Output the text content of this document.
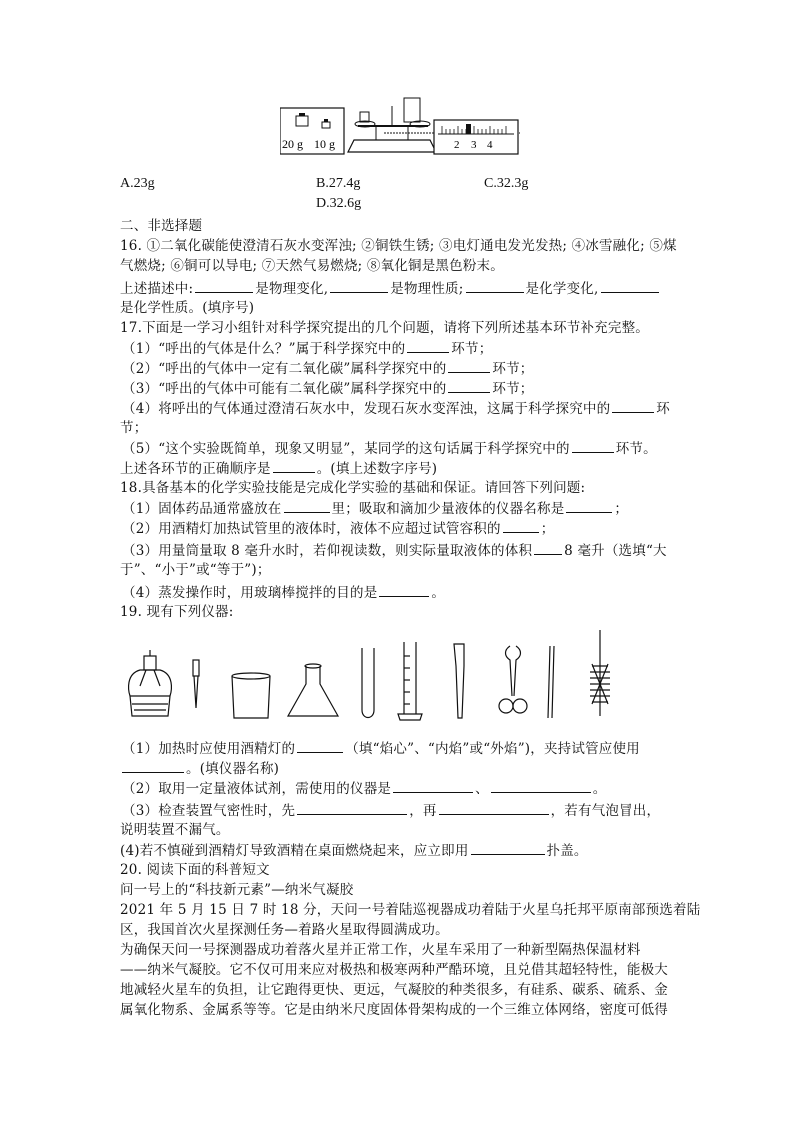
20 g 10 g	2 3 4
A.23g	B.27.4g	C.32.3g
D.32.6g
二、非选择题
16. ①二氧化碳能使澄清石灰水变浑浊; ②铜铁生锈; ③电灯通电发光发热; ④冰雪融化; ⑤煤
气燃烧; ⑥铜可以导电; ⑦天然气易燃烧; ⑧氧化铜是黑色粉末。
上述描述中:	是物理变化,	是物理性质;	是化学变化,
是化学性质。(填序号)
17.下面是一学习小组针对科学探究提出的几个问题，请将下列所述基本环节补充完整。
（1）“呼出的气体是什么？”属于科学探究中的	环节；
（2）“呼出的气体中一定有二氧化碳”属科学探究中的	环节；
（3）“呼出的气体中可能有二氧化碳”属科学探究中的	环节；
（4）将呼出的气体通过澄清石灰水中，发现石灰水变浑浊，这属于科学探究中的	环
节；
（5）“这个实验既简单，现象又明显”，某同学的这句话属于科学探究中的	环节。
上述各环节的正确顺序是	。(填上述数字序号)
18.具备基本的化学实验技能是完成化学实验的基础和保证。请回答下列问题:
（1）固体药品通常盛放在	里；吸取和滴加少量液体的仪器名称是	；
（2）用酒精灯加热试管里的液体时，液体不应超过试管容积的	；
（3）用量筒量取 8 毫升水时，若仰视读数，则实际量取液体的体积 8 毫升（选填“大
于”、“小于”或“等于”)；
（4）蒸发操作时，用玻璃棒搅拌的目的是	。
19. 现有下列仪器:
（1）加热时应使用酒精灯的	（填“焰心”、“内焰”或“外焰”)，夹持试管应使用
。(填仪器名称)
（2）取用一定量液体试剂，需使用的仪器是	、	。
（3）检查装置气密性时，先	，再	，若有气泡冒出，
说明装置不漏气。
(4)若不慎碰到酒精灯导致酒精在桌面燃烧起来，应立即用	扑盖。
20. 阅读下面的科普短文
问一号上的“科技新元素”—纳米气凝胶
2021 年 5 月 15 日 7 时 18 分，天问一号着陆巡视器成功着陆于火星乌托邦平原南部预选着陆
区，我国首次火星探测任务—着路火星取得圆满成功。
为确保天问一号探测器成功着落火星并正常工作，火星车采用了一种新型隔热保温材料
——纳米气凝胶。它不仅可用来应对极热和极寒两种严酷环境，且兑借其超轻特性，能极大
地减轻火星车的负担，让它跑得更快、更远，气凝胶的种类很多，有硅系、碳系、硫系、金
属氧化物系、金属系等等。它是由纳米尺度固体骨架构成的一个三维立体网络，密度可低得
